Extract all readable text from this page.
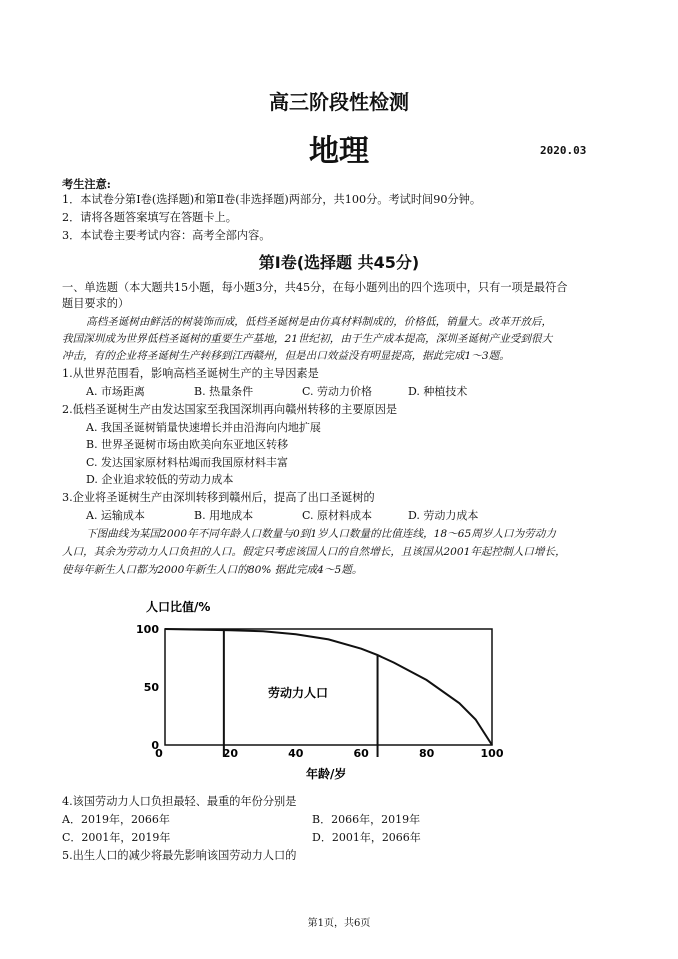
高三阶段性检测
地理	2020.03
考生注意:
1．本试卷分第Ⅰ卷(选择题)和第Ⅱ卷(非选择题)两部分，共100分。考试时间90分钟。
2．请将各题答案填写在答题卡上。
3．本试卷主要考试内容：高考全部内容。
第Ⅰ卷(选择题 共45分)
一、单选题（本大题共15小题，每小题3分，共45分，在每小题列出的四个选项中，只有一项是最符合
题目要求的）
高档圣诞树由鲜活的树装饰而成，低档圣诞树是由仿真材料制成的，价格低，销量大。改革开放后，
我国深圳成为世界低档圣诞树的重要生产基地，21世纪初，由于生产成本提高，深圳圣诞树产业受到很大
冲击，有的企业将圣诞树生产转移到江西赣州，但是出口效益没有明显提高，据此完成1～3题。
1.从世界范围看，影响高档圣诞树生产的主导因素是
A. 市场距离	B. 热量条件	C. 劳动力价格	D. 种植技术
2.低档圣诞树生产由发达国家至我国深圳再向赣州转移的主要原因是
A. 我国圣诞树销量快速增长并由沿海向内地扩展
B. 世界圣诞树市场由欧美向东亚地区转移
C. 发达国家原材料枯竭而我国原材料丰富
D. 企业追求较低的劳动力成本
3.企业将圣诞树生产由深圳转移到赣州后，提高了出口圣诞树的
A. 运输成本	B. 用地成本	C. 原材料成本	D. 劳动力成本
下图曲线为某国2000年不同年龄人口数量与0到1岁人口数量的比值连线，18～65周岁人口为劳动力
人口，其余为劳动力人口负担的人口。假定只考虑该国人口的自然增长，且该国从2001年起控制人口增长，
使每年新生人口都为2000年新生人口的80% 据此完成4～5题。
人口比值/%
0
50
100
0	20	40	60	80	100
劳动力人口
年龄/岁
4.该国劳动力人口负担最轻、最重的年份分别是
A．2019年，2066年	B．2066年，2019年
C．2001年，2019年	D．2001年，2066年
5.出生人口的减少将最先影响该国劳动力人口的
第1页，共6页
